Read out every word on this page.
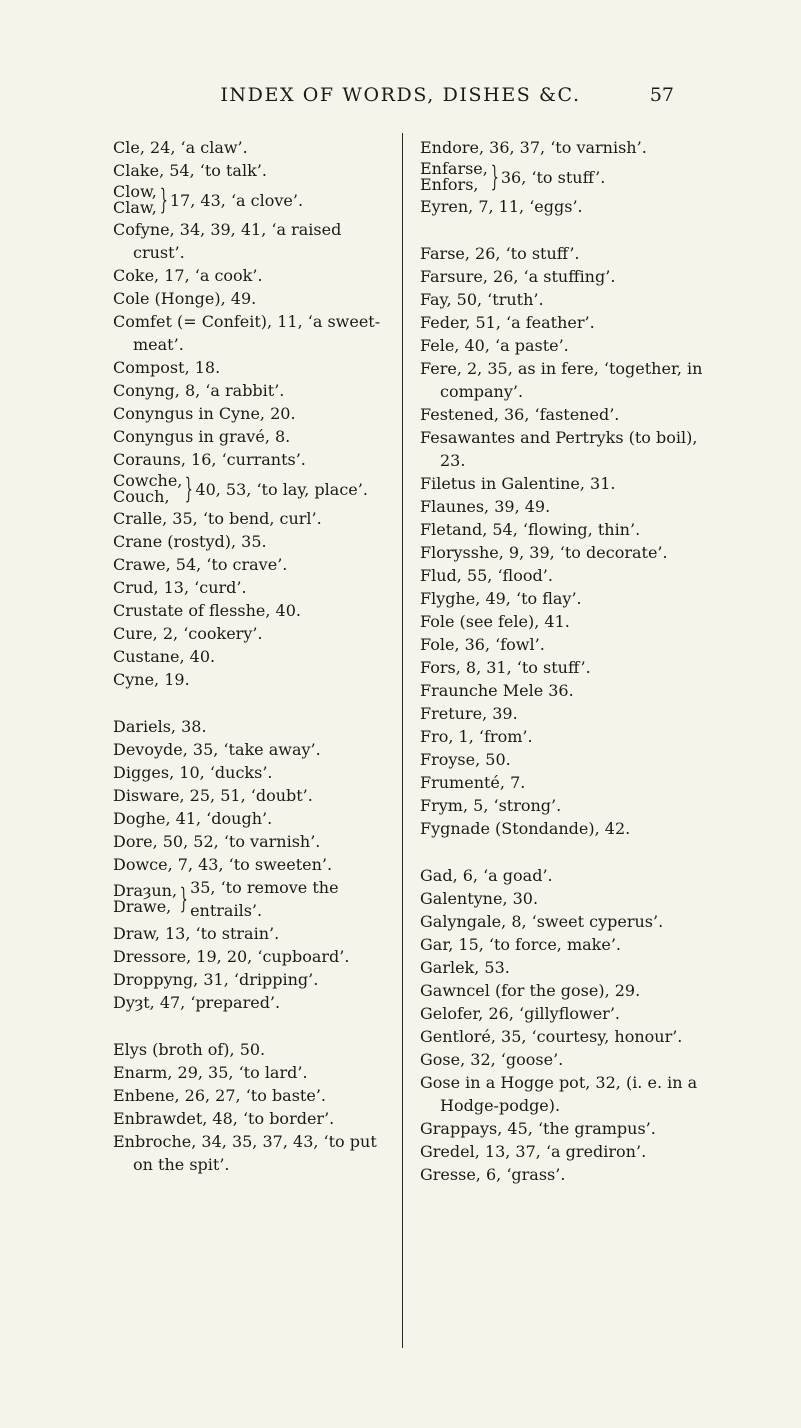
INDEX OF WORDS, DISHES &C.	57
Cle, 24, ‘a claw’.
Clake, 54, ‘to talk’.
Clow,
Claw, } 17, 43, ‘a clove’.
Cofyne, 34, 39, 41, ‘a raised crust’.
Coke, 17, ‘a cook’.
Cole (Honge), 49.
Comfet (= Confeit), 11, ‘a sweet-meat’.
Compost, 18.
Conyng, 8, ‘a rabbit’.
Conyngus in Cyne, 20.
Conyngus in gravé, 8.
Corauns, 16, ‘currants’.
Cowche,
Couch, } 40, 53, ‘to lay, place’.
Cralle, 35, ‘to bend, curl’.
Crane (rostyd), 35.
Crawe, 54, ‘to crave’.
Crud, 13, ‘curd’.
Crustate of flesshe, 40.
Cure, 2, ‘cookery’.
Custane, 40.
Cyne, 19.
Dariels, 38.
Devoyde, 35, ‘take away’.
Digges, 10, ‘ducks’.
Disware, 25, 51, ‘doubt’.
Doghe, 41, ‘dough’.
Dore, 50, 52, ‘to varnish’.
Dowce, 7, 43, ‘to sweeten’.
Draȝun,
Drawe, } 35, ‘to remove the entrails’.
Draw, 13, ‘to strain’.
Dressore, 19, 20, ‘cupboard’.
Droppyng, 31, ‘dripping’.
Dyȝt, 47, ‘prepared’.
Elys (broth of), 50.
Enarm, 29, 35, ‘to lard’.
Enbene, 26, 27, ‘to baste’.
Enbrawdet, 48, ‘to border’.
Enbroche, 34, 35, 37, 43, ‘to put on the spit’.
Endore, 36, 37, ‘to varnish’.
Enfarse,
Enfors, } 36, ‘to stuff’.
Eyren, 7, 11, ‘eggs’.
Farse, 26, ‘to stuff’.
Farsure, 26, ‘a stuffing’.
Fay, 50, ‘truth’.
Feder, 51, ‘a feather’.
Fele, 40, ‘a paste’.
Fere, 2, 35, as in fere, ‘together, in company’.
Festened, 36, ‘fastened’.
Fesawantes and Pertryks (to boil), 23.
Filetus in Galentine, 31.
Flaunes, 39, 49.
Fletand, 54, ‘flowing, thin’.
Florysshe, 9, 39, ‘to decorate’.
Flud, 55, ‘flood’.
Flyghe, 49, ‘to flay’.
Fole (see fele), 41.
Fole, 36, ‘fowl’.
Fors, 8, 31, ‘to stuff’.
Fraunche Mele 36.
Freture, 39.
Fro, 1, ‘from’.
Froyse, 50.
Frumenté, 7.
Frym, 5, ‘strong’.
Fygnade (Stondande), 42.
Gad, 6, ‘a goad’.
Galentyne, 30.
Galyngale, 8, ‘sweet cyperus’.
Gar, 15, ‘to force, make’.
Garlek, 53.
Gawncel (for the gose), 29.
Gelofer, 26, ‘gillyflower’.
Gentloré, 35, ‘courtesy, honour’.
Gose, 32, ‘goose’.
Gose in a Hogge pot, 32, (i. e. in a Hodge-podge).
Grappays, 45, ‘the grampus’.
Gredel, 13, 37, ‘a grediron’.
Gresse, 6, ‘grass’.
